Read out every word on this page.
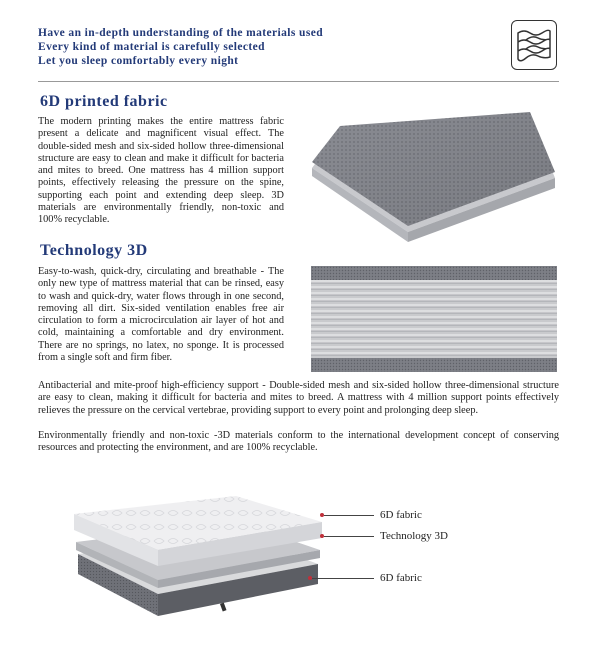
Have an in-depth understanding of the materials used
Every kind of material is carefully selected
Let you sleep comfortably every night
6D printed fabric
The modern printing makes the entire mattress fabric present a delicate and magnificent visual effect. The double-sided mesh and six-sided hollow three-dimensional structure are easy to clean and make it difficult for bacteria and mites to breed. One mattress has 4 million support points, effectively releasing the pressure on the spine, supporting each point and extending deep sleep. 3D materials are environmentally friendly, non-toxic and 100% recyclable.
Technology 3D
Easy-to-wash, quick-dry, circulating and breathable - The only new type of mattress material that can be rinsed, easy to wash and quick-dry, water flows through in one second, removing all dirt. Six-sided ventilation enables free air circulation to form a microcirculation air layer of hot and cold, maintaining a comfortable and dry environment. There are no springs, no latex, no sponge. It is processed from a single soft and firm fiber.
Antibacterial and mite-proof high-efficiency support - Double-sided mesh and six-sided hollow three-dimensional structure are easy to clean, making it difficult for bacteria and mites to breed. A mattress with 4 million support points effectively relieves the pressure on the cervical vertebrae, providing support to every point and prolonging deep sleep.
Environmentally friendly and non-toxic -3D materials conform to the international development concept of conserving resources and protecting the environment, and are 100% recyclable.
6D fabric
Technology 3D
6D fabric
